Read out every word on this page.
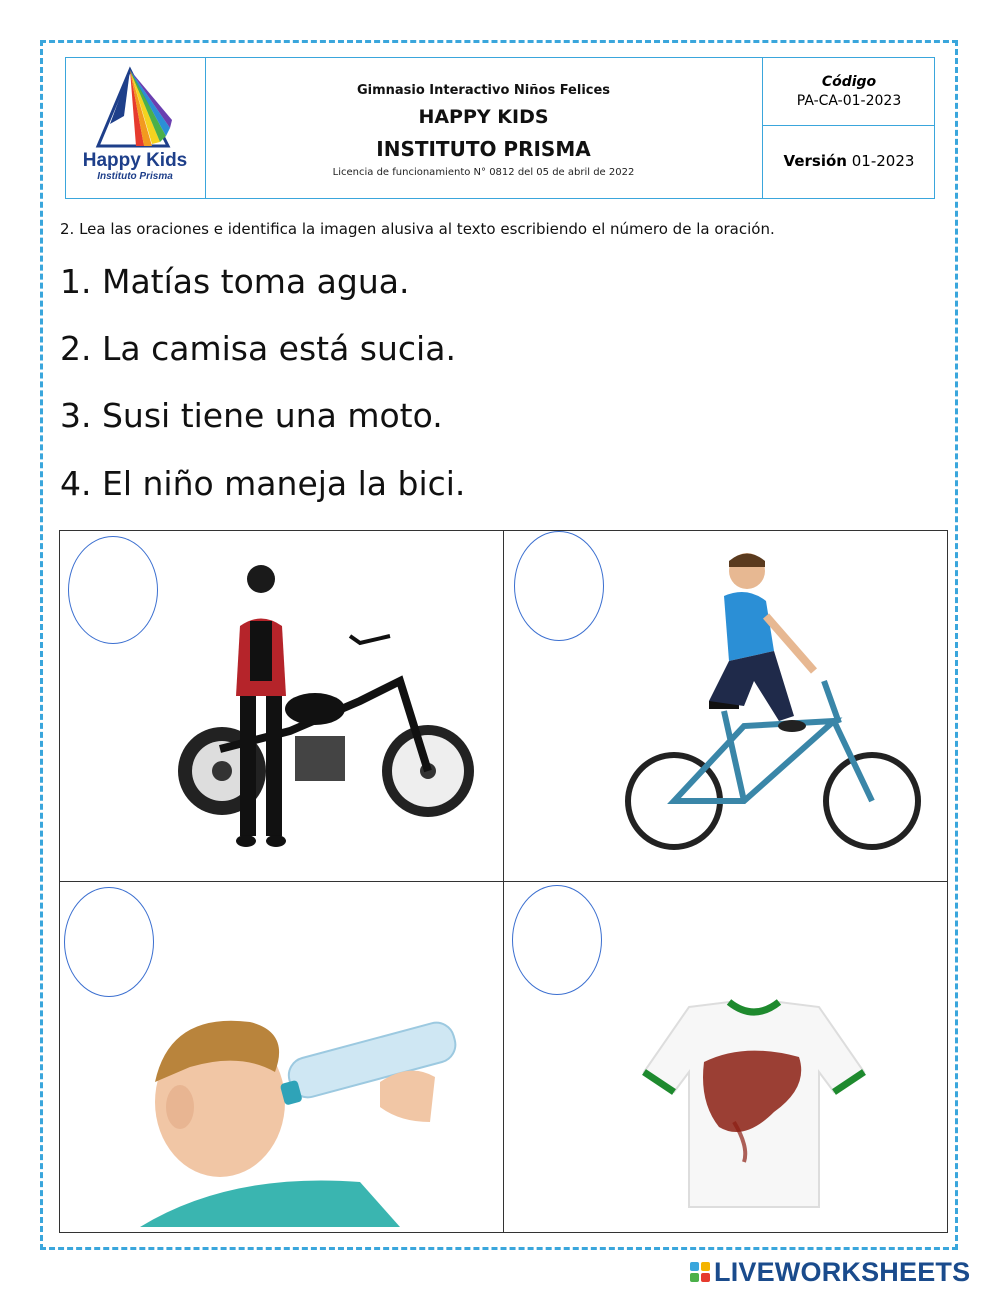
Happy Kids
Instituto Prisma
Gimnasio Interactivo Niños Felices
HAPPY KIDS
INSTITUTO PRISMA
Licencia de funcionamiento N° 0812 del 05 de abril de 2022
Código
PA-CA-01-2023
Versión 01-2023
2. Lea las oraciones e identifica la imagen alusiva al texto escribiendo el número de la oración.
1. Matías toma agua.
2. La camisa está sucia.
3. Susi tiene una moto.
4. El niño maneja la bici.
LIVEWORKSHEETS
